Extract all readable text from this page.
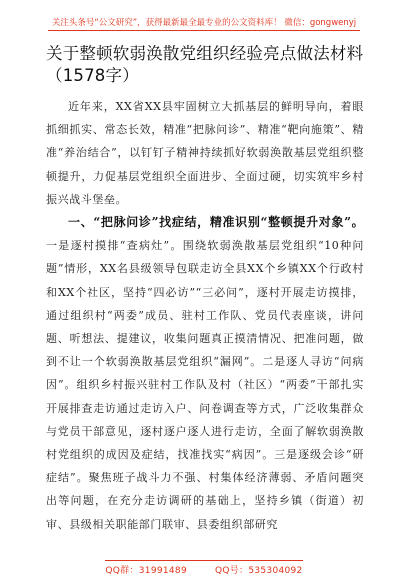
关注头条号“公文研究”，获得最新最全最专业的公文资料库！ 微信：gongwenyj
关于整顿软弱涣散党组织经验亮点做法材料（1578字）

近年来，XX省XX县牢固树立大抓基层的鲜明导向，着眼抓细抓实、常态长效，精准“把脉问诊”、精准“靶向施策”、精准“养治结合”，以钉钉子精神持续抓好软弱涣散基层党组织整顿提升，力促基层党组织全面进步、全面过硬，切实筑牢乡村振兴战斗堡垒。

一、“把脉问诊”找症结，精准识别“整顿提升对象”。一是逐村摸排“查病灶”。围绕软弱涣散基层党组织“10种问题”情形，XX名县级领导包联走访全县XX个乡镇XX个行政村和XX个社区，坚持“四必访”“三必问”，逐村开展走访摸排，通过组织村“两委”成员、驻村工作队、党员代表座谈，讲问题、听想法、提建议，收集问题真正摸清情况、把准问题，做到不让一个软弱涣散基层党组织“漏网”。二是逐人寻访“问病因”。组织乡村振兴驻村工作队及村（社区）“两委”干部扎实开展排查走访通过走访入户、问卷调查等方式，广泛收集群众与党员干部意见，逐村逐户逐人进行走访，全面了解软弱涣散村党组织的成因及症结，找准找实“病因”。三是逐级会诊“研症结”。聚焦班子战斗力不强、村集体经济薄弱、矛盾问题突出等问题，在充分走访调研的基础上，坚持乡镇（街道）初审、县级相关职能部门联审、县委组织部研究

QQ群：31991489	QQ号：535304092
